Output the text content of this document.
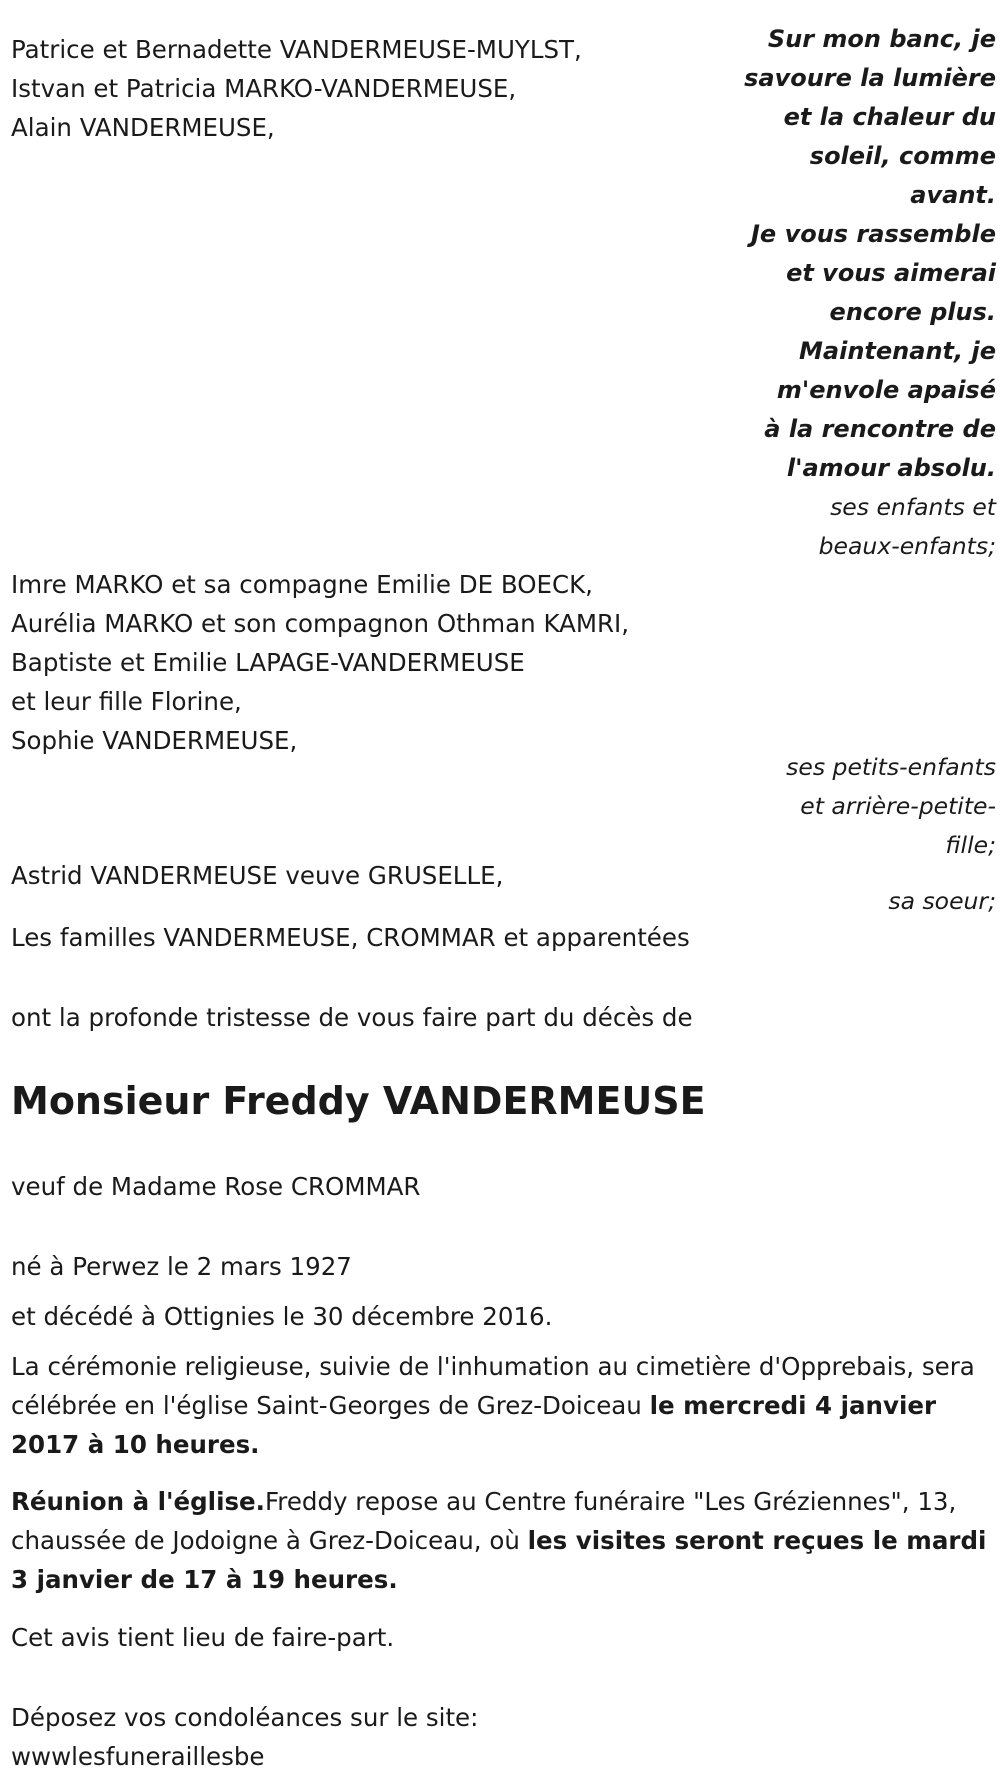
Patrice et Bernadette VANDERMEUSE-MUYLST,
Istvan et Patricia MARKO-VANDERMEUSE,
Alain VANDERMEUSE,
Sur mon banc, je
savoure la lumière
et la chaleur du
soleil, comme
avant.
Je vous rassemble
et vous aimerai
encore plus.
Maintenant, je
m'envole apaisé
à la rencontre de
l'amour absolu.
ses enfants et
beaux-enfants;
Imre MARKO et sa compagne Emilie DE BOECK,
Aurélia MARKO et son compagnon Othman KAMRI,
Baptiste et Emilie LAPAGE-VANDERMEUSE
et leur fille Florine,
Sophie VANDERMEUSE,
ses petits-enfants
et arrière-petite-
fille;
Astrid VANDERMEUSE veuve GRUSELLE,
sa soeur;
Les familles VANDERMEUSE, CROMMAR et apparentées
ont la profonde tristesse de vous faire part du décès de
Monsieur Freddy VANDERMEUSE
veuf de Madame Rose CROMMAR
né à Perwez le 2 mars 1927
et décédé à Ottignies le 30 décembre 2016.
La cérémonie religieuse, suivie de l'inhumation au cimetière d'Opprebais, sera célébrée en l'église Saint-Georges de Grez-Doiceau le mercredi 4 janvier 2017 à 10 heures.
Réunion à l'église.Freddy repose au Centre funéraire "Les Gréziennes", 13, chaussée de Jodoigne à Grez-Doiceau, où les visites seront reçues le mardi 3 janvier de 17 à 19 heures.
Cet avis tient lieu de faire-part.
Déposez vos condoléances sur le site:
wwwlesfuneraillesbe
